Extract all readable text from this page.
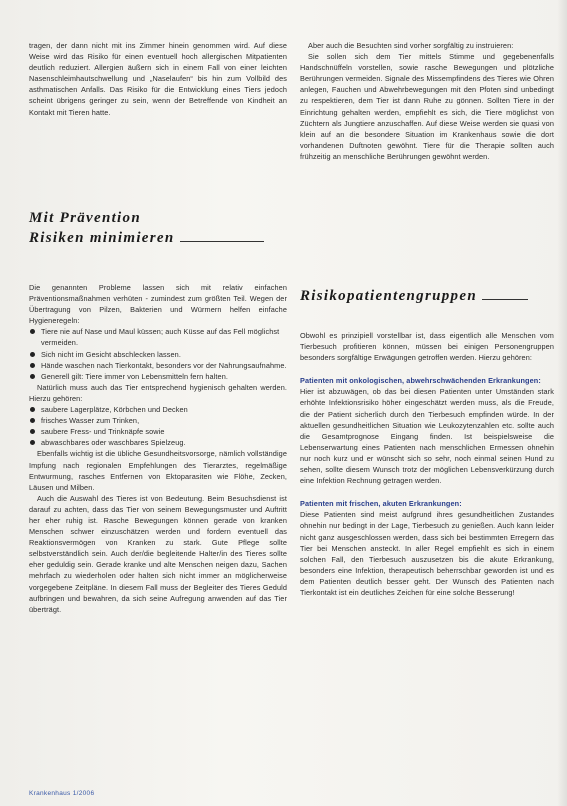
tragen, der dann nicht mit ins Zimmer hinein genommen wird. Auf diese Weise wird das Risiko für einen eventuell hoch allergischen Mitpatienten deutlich reduziert. Allergien äußern sich in einem Fall von einer leichten Nasenschleimhautschwellung und „Naselaufen“ bis hin zum Vollbild des asthmatischen Anfalls. Das Risiko für die Entwicklung eines Tiers jedoch scheint übrigens geringer zu sein, wenn der Betreffende von Kindheit an Kontakt mit Tieren hatte.

Mit Prävention
Risiken minimieren

Die genannten Probleme lassen sich mit relativ einfachen Präventionsmaßnahmen verhüten - zumindest zum größten Teil. Wegen der Übertragung von Pilzen, Bakterien und Würmern helfen einfache Hygieneregeln:

Tiere nie auf Nase und Maul küssen; auch Küsse auf das Fell möglichst vermeiden.
Sich nicht im Gesicht abschlecken lassen.
Hände waschen nach Tierkontakt, besonders vor der Nahrungsaufnahme.
Generell gilt: Tiere immer von Lebensmitteln fern halten.

Natürlich muss auch das Tier entsprechend hygienisch gehalten werden. Hierzu gehören:

saubere Lagerplätze, Körbchen und Decken
frisches Wasser zum Trinken,
saubere Fress- und Trinknäpfe sowie
abwaschbares oder waschbares Spielzeug.

Ebenfalls wichtig ist die übliche Gesundheitsvorsorge, nämlich vollständige Impfung nach regionalen Empfehlungen des Tierarztes, regelmäßige Entwurmung, rasches Entfernen von Ektoparasiten wie Flöhe, Zecken, Läusen und Milben.

Auch die Auswahl des Tieres ist von Bedeutung. Beim Besuchsdienst ist darauf zu achten, dass das Tier von seinem Bewegungsmuster und Auftritt her eher ruhig ist. Rasche Bewegungen können gerade von kranken Menschen schwer einzuschätzen werden und fordern eventuell das Reaktionsvermögen von Kranken zu stark. Gute Pflege sollte selbstverständlich sein. Auch der/die begleitende Halter/in des Tieres sollte eher geduldig sein. Gerade kranke und alte Menschen neigen dazu, Sachen mehrfach zu wiederholen oder halten sich nicht immer an möglicherweise vorgegebene Zeitpläne. In diesem Fall muss der Begleiter des Tieres Geduld aufbringen und bewahren, da sich seine Aufregung anwenden auf das Tier überträgt.

Aber auch die Besuchten sind vorher sorgfältig zu instruieren:

Sie sollen sich dem Tier mittels Stimme und gegebenenfalls Handschnüffeln vorstellen, sowie rasche Bewegungen und plötzliche Berührungen vermeiden. Signale des Missempfindens des Tieres wie Ohren anlegen, Fauchen und Abwehrbewegungen mit den Pfoten sind unbedingt zu respektieren, dem Tier ist dann Ruhe zu gönnen. Sollten Tiere in der Einrichtung gehalten werden, empfiehlt es sich, die Tiere möglichst von Züchtern als Jungtiere anzuschaffen. Auf diese Weise werden sie quasi von klein auf an die besondere Situation im Krankenhaus sowie die dort vorhandenen Duftnoten gewöhnt. Tiere für die Therapie sollten auch frühzeitig an menschliche Berührungen gewöhnt werden.

Risikopatientengruppen

Obwohl es prinzipiell vorstellbar ist, dass eigentlich alle Menschen vom Tierbesuch profitieren können, müssen bei einigen Personengruppen besonders sorgfältige Erwägungen getroffen werden. Hierzu gehören:

Patienten mit onkologischen, abwehrschwächenden Erkrankungen:

Hier ist abzuwägen, ob das bei diesen Patienten unter Umständen stark erhöhte Infektionsrisiko höher eingeschätzt werden muss, als die Freude, die der Patient sicherlich durch den Tierbesuch empfinden würde. In der aktuellen gesundheitlichen Situation wie Leukozytenzahlen etc. sollte auch die Gesamtprognose Eingang finden. Ist beispielsweise die Lebenserwartung eines Patienten nach menschlichen Ermessen ohnehin nur noch kurz und er wünscht sich so sehr, noch einmal seinen Hund zu sehen, sollte diesem Wunsch trotz der möglichen Lebensverkürzung durch eine Infektion Rechnung getragen werden.

Patienten mit frischen, akuten Erkrankungen:

Diese Patienten sind meist aufgrund ihres gesundheitlichen Zustandes ohnehin nur bedingt in der Lage, Tierbesuch zu genießen. Auch kann leider nicht ganz ausgeschlossen werden, dass sich bei bestimmten Erregern das Tier bei Menschen ansteckt. In aller Regel empfiehlt es sich in einem solchen Fall, den Tierbesuch auszusetzen bis die akute Erkrankung, besonders eine Infektion, therapeutisch beherrschbar geworden ist und es dem Patienten deutlich besser geht. Der Wunsch des Patienten nach Tierkontakt ist ein deutliches Zeichen für eine solche Besserung!

Krankenhaus 1/2006
